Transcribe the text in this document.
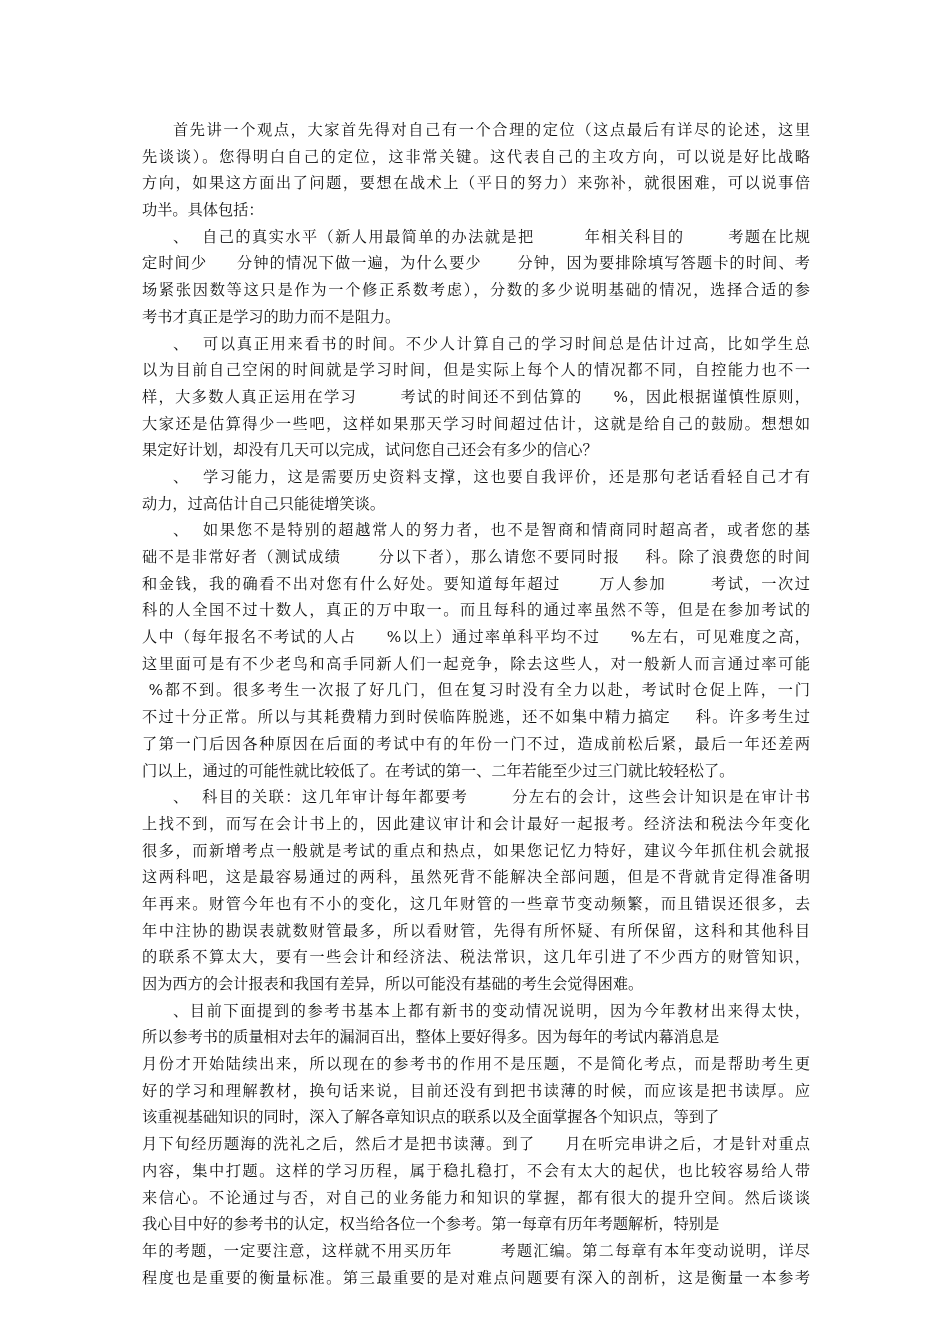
首先讲一个观点，大家首先得对自己有一个合理的定位（这点最后有详尽的论述，这里
先谈谈）。您得明白自己的定位，这非常关键。这代表自己的主攻方向，可以说是好比战略
方向，如果这方面出了问题，要想在战术上（平日的努力）来弥补，就很困难，可以说事倍
功半。具体包括：
、  自己的真实水平（新人用最简单的办法就是把        年相关科目的       考题在比规
定时间少     分钟的情况下做一遍，为什么要少      分钟，因为要排除填写答题卡的时间、考
场紧张因数等这只是作为一个修正系数考虑），分数的多少说明基础的情况，选择合适的参
考书才真正是学习的助力而不是阻力。
、  可以真正用来看书的时间。不少人计算自己的学习时间总是估计过高，比如学生总
以为目前自己空闲的时间就是学习时间，但是实际上每个人的情况都不同，自控能力也不一
样，大多数人真正运用在学习       考试的时间还不到估算的     %，因此根据谨慎性原则，
大家还是估算得少一些吧，这样如果那天学习时间超过估计，这就是给自己的鼓励。想想如
果定好计划，却没有几天可以完成，试问您自己还会有多少的信心？
、  学习能力，这是需要历史资料支撑，这也要自我评价，还是那句老话看轻自己才有
动力，过高估计自己只能徒增笑谈。
、  如果您不是特别的超越常人的努力者，也不是智商和情商同时超高者，或者您的基
础不是非常好者（测试成绩      分以下者），那么请您不要同时报    科。除了浪费您的时间
和金钱，我的确看不出对您有什么好处。要知道每年超过      万人参加       考试，一次过
科的人全国不过十数人，真正的万中取一。而且每科的通过率虽然不等，但是在参加考试的
人中（每年报名不考试的人占     %以上）通过率单科平均不过     %左右，可见难度之高，
这里面可是有不少老鸟和高手同新人们一起竞争，除去这些人，对一般新人而言通过率可能
%都不到。很多考生一次报了好几门，但在复习时没有全力以赴，考试时仓促上阵，一门
不过十分正常。所以与其耗费精力到时侯临阵脱逃，还不如集中精力搞定    科。许多考生过
了第一门后因各种原因在后面的考试中有的年份一门不过，造成前松后紧，最后一年还差两
门以上，通过的可能性就比较低了。在考试的第一、二年若能至少过三门就比较轻松了。
、  科目的关联：这几年审计每年都要考       分左右的会计，这些会计知识是在审计书
上找不到，而写在会计书上的，因此建议审计和会计最好一起报考。经济法和税法今年变化
很多，而新增考点一般就是考试的重点和热点，如果您记忆力特好，建议今年抓住机会就报
这两科吧，这是最容易通过的两科，虽然死背不能解决全部问题，但是不背就肯定得准备明
年再来。财管今年也有不小的变化，这几年财管的一些章节变动频繁，而且错误还很多，去
年中注协的勘误表就数财管最多，所以看财管，先得有所怀疑、有所保留，这科和其他科目
的联系不算太大，要有一些会计和经济法、税法常识，这几年引进了不少西方的财管知识，
因为西方的会计报表和我国有差异，所以可能没有基础的考生会觉得困难。
、目前下面提到的参考书基本上都有新书的变动情况说明，因为今年教材出来得太快，
所以参考书的质量相对去年的漏洞百出，整体上要好得多。因为每年的考试内幕消息是
月份才开始陆续出来，所以现在的参考书的作用不是压题，不是简化考点，而是帮助考生更
好的学习和理解教材，换句话来说，目前还没有到把书读薄的时候，而应该是把书读厚。应
该重视基础知识的同时，深入了解各章知识点的联系以及全面掌握各个知识点，等到了
月下旬经历题海的洗礼之后，然后才是把书读薄。到了     月在听完串讲之后，才是针对重点
内容，集中打题。这样的学习历程，属于稳扎稳打，不会有太大的起伏，也比较容易给人带
来信心。不论通过与否，对自己的业务能力和知识的掌握，都有很大的提升空间。然后谈谈
我心目中好的参考书的认定，权当给各位一个参考。第一每章有历年考题解析，特别是
年的考题，一定要注意，这样就不用买历年        考题汇编。第二每章有本年变动说明，详尽
程度也是重要的衡量标准。第三最重要的是对难点问题要有深入的剖析，这是衡量一本参考
